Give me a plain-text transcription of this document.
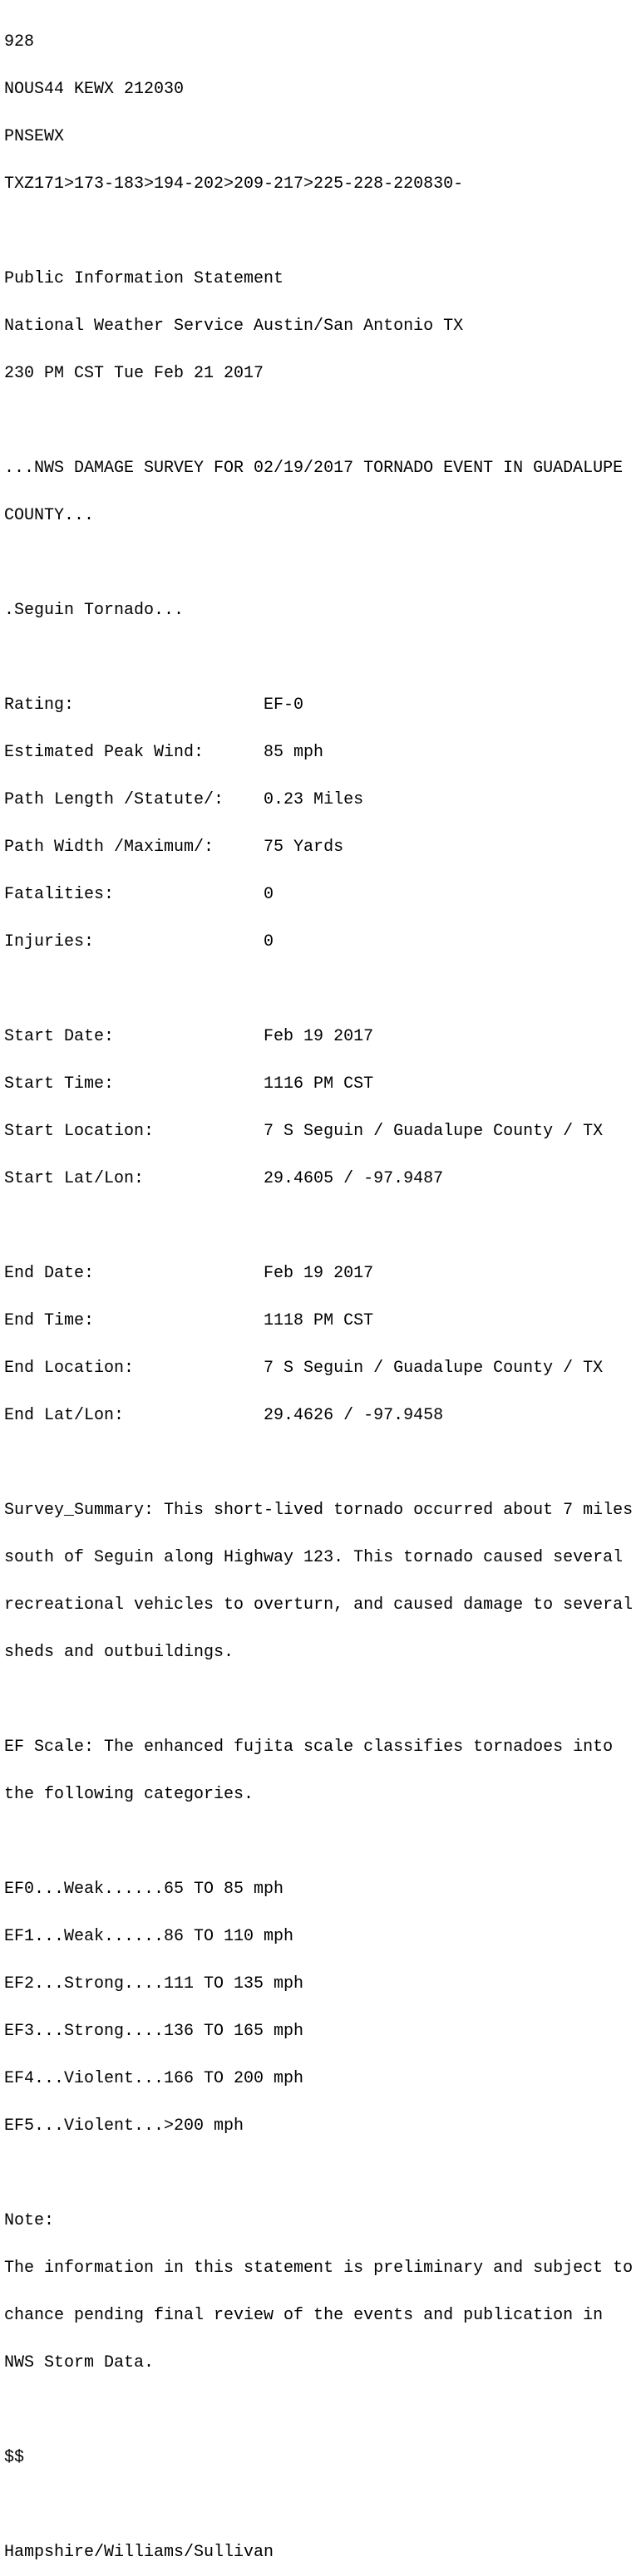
928

NOUS44 KEWX 212030

PNSEWX

TXZ171>173-183>194-202>209-217>225-228-220830-

Public Information Statement

National Weather Service Austin/San Antonio TX

230 PM CST Tue Feb 21 2017

...NWS DAMAGE SURVEY FOR 02/19/2017 TORNADO EVENT IN GUADALUPE

COUNTY...

.Seguin Tornado...

Rating:                   EF-0

Estimated Peak Wind:      85 mph

Path Length /Statute/:    0.23 Miles

Path Width /Maximum/:     75 Yards

Fatalities:               0

Injuries:                 0

Start Date:               Feb 19 2017

Start Time:               1116 PM CST

Start Location:           7 S Seguin / Guadalupe County / TX

Start Lat/Lon:            29.4605 / -97.9487

End Date:                 Feb 19 2017

End Time:                 1118 PM CST

End Location:             7 S Seguin / Guadalupe County / TX

End Lat/Lon:              29.4626 / -97.9458

Survey_Summary: This short-lived tornado occurred about 7 miles

south of Seguin along Highway 123. This tornado caused several

recreational vehicles to overturn, and caused damage to several

sheds and outbuildings.

EF Scale: The enhanced fujita scale classifies tornadoes into

the following categories.

EF0...Weak......65 TO 85 mph

EF1...Weak......86 TO 110 mph

EF2...Strong....111 TO 135 mph

EF3...Strong....136 TO 165 mph

EF4...Violent...166 TO 200 mph

EF5...Violent...>200 mph

Note:

The information in this statement is preliminary and subject to

chance pending final review of the events and publication in

NWS Storm Data.

$$

Hampshire/Williams/Sullivan
